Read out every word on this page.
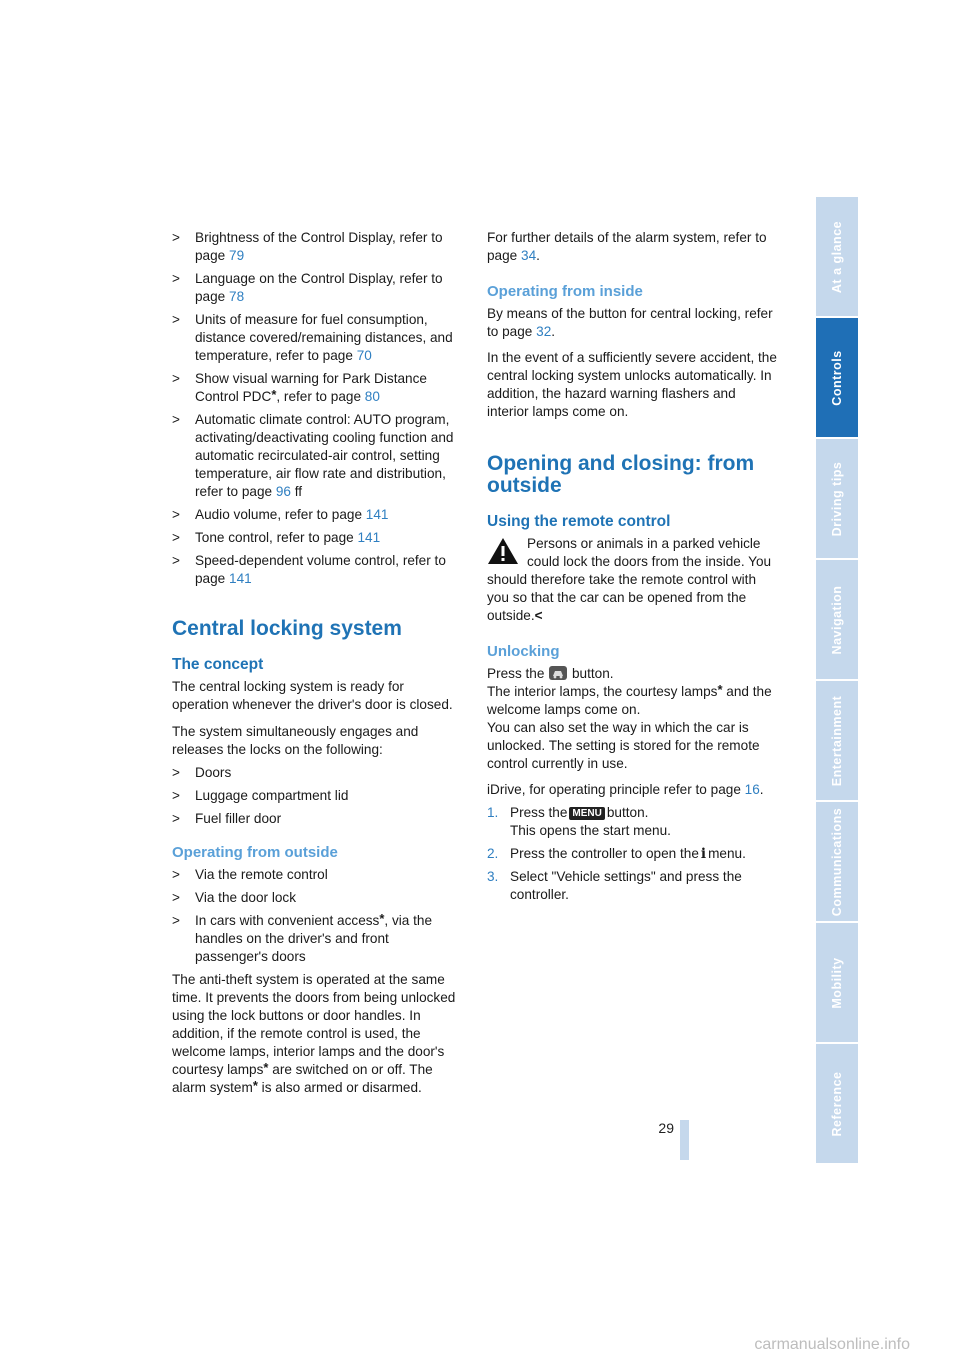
>	Brightness of the Control Display, refer to page 79
>	Language on the Control Display, refer to page 78
>	Units of measure for fuel consumption, distance covered/remaining distances, and temperature, refer to page 70
>	Show visual warning for Park Distance Control PDC*, refer to page 80
>	Automatic climate control: AUTO program, activating/deactivating cooling function and automatic recirculated-air control, setting temperature, air flow rate and distribution, refer to page 96 ff
>	Audio volume, refer to page 141
>	Tone control, refer to page 141
>	Speed-dependent volume control, refer to page 141
Central locking system
The concept

The central locking system is ready for operation whenever the driver's door is closed.

The system simultaneously engages and releases the locks on the following:

>	Doors
>	Luggage compartment lid
>	Fuel filler door
Operating from outside
>	Via the remote control
>	Via the door lock
>	In cars with convenient access*, via the handles on the driver's and front passenger's doors

The anti-theft system is operated at the same time. It prevents the doors from being unlocked using the lock buttons or door handles. In addition, if the remote control is used, the welcome lamps, interior lamps and the door's courtesy lamps* are switched on or off. The alarm system* is also armed or disarmed.

For further details of the alarm system, refer to page 34.

Operating from inside

By means of the button for central locking, refer to page 32.

In the event of a sufficiently severe accident, the central locking system unlocks automatically. In addition, the hazard warning flashers and interior lamps come on.

Opening and closing: from outside
Using the remote control
Persons or animals in a parked vehicle could lock the doors from the inside. You should therefore take the remote control with you so that the car can be opened from the outside.<
Unlocking

Press the button.

The interior lamps, the courtesy lamps* and the welcome lamps come on.

You can also set the way in which the car is unlocked. The setting is stored for the remote control currently in use.

iDrive, for operating principle refer to page 16.

1. Press the MENU button.
This opens the start menu.
2. Press the controller to open the i menu.
3. Select "Vehicle settings" and press the controller.
At a glance
Controls
Driving tips
Navigation
Entertainment
Communications
Mobility
Reference
29
carmanualsonline.info
